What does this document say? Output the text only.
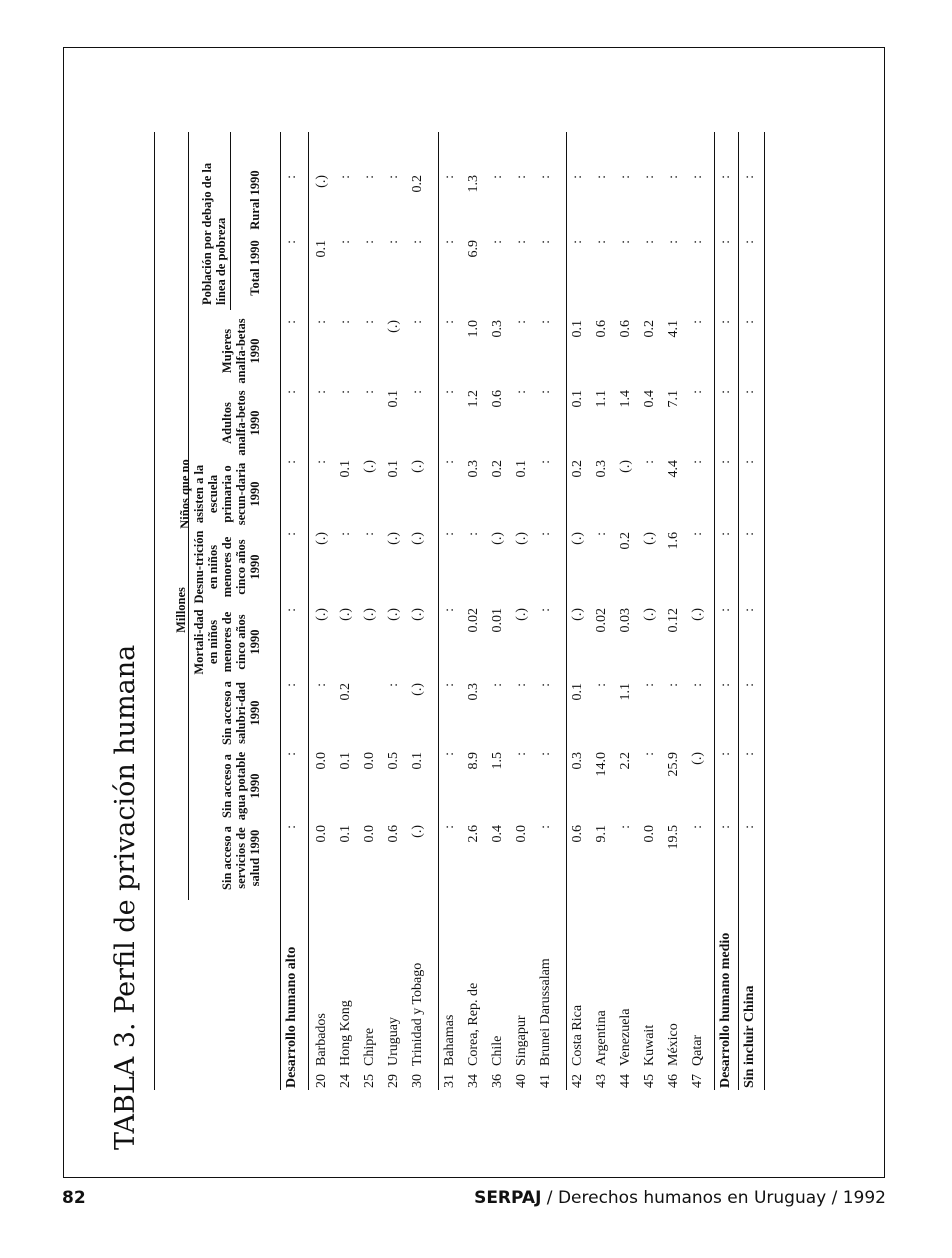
TABLA 3. Perfil de privación humana
Millones
Población por debajo de la línea de pobreza
Sin acceso a servicios de salud 1990
Sin acceso a agua potable 1990
Sin acceso a salubri-dad 1990
Mortali-dad en niños menores de cinco años 1990
Desnu-trición en niños menores de cinco años 1990
Niños que no asisten a la escuela primaria o secun-daria 1990
Adultos analfa-betos 1990
Mujeres analfa-betas 1990
Total 1990
Rural 1990
Desarrollo humano alto
:
:
:
:
:
:
:
:
:
:
20
Barbados
0.0
0.0
:
(.)
(.)
:
:
:
0.1
(.)
24
Hong Kong
0.1
0.1
0.2
(.)
:
0.1
:
:
:
:
25
Chipre
0.0
0.0
(.)
:
(.)
:
:
:
:
29
Uruguay
0.6
0.5
:
(.)
(.)
0.1
0.1
(.)
:
:
30
Trinidad y Tobago
(.)
0.1
(.)
(.)
(.)
(.)
:
:
:
0.2
31
Bahamas
:
:
:
:
:
:
:
:
:
:
34
Corea, Rep. de
2.6
8.9
0.3
0.02
:
0.3
1.2
1.0
6.9
1.3
36
Chile
0.4
1.5
:
0.01
(.)
0.2
0.6
0.3
:
:
40
Singapur
0.0
:
:
(.)
(.)
0.1
:
:
:
:
41
Brunei Darussalam
:
:
:
:
:
:
:
:
:
:
42
Costa Rica
0.6
0.3
0.1
(.)
(.)
0.2
0.1
0.1
:
:
43
Argentina
9.1
14.0
:
0.02
:
0.3
1.1
0.6
:
:
44
Venezuela
:
2.2
1.1
0.03
0.2
(.)
1.4
0.6
:
:
45
Kuwait
0.0
:
:
(.)
(.)
:
0.4
0.2
:
:
46
México
19.5
25.9
:
0.12
1.6
4.4
7.1
4.1
:
:
47
Qatar
:
(.)
:
(.)
:
:
:
:
:
:
Desarrollo humano medio
:
:
:
:
:
:
:
:
:
:
Sin incluir China
:
:
:
:
:
:
:
:
:
:
82	SERPAJ / Derechos humanos en Uruguay / 1992
